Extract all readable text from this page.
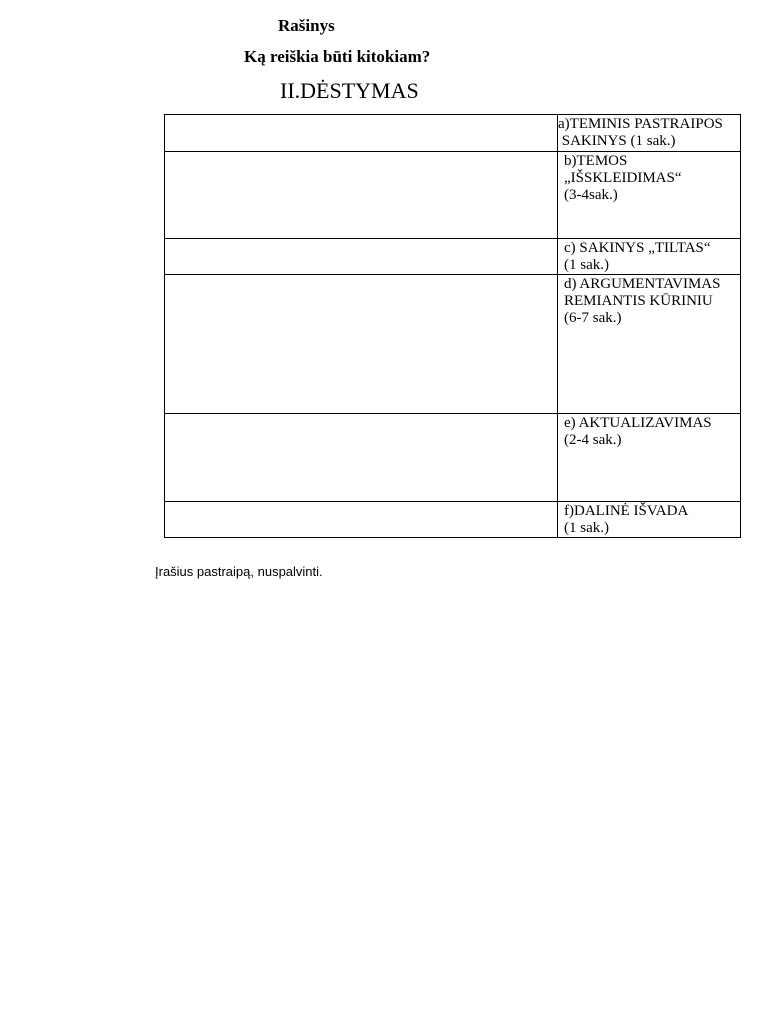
Rašinys
Ką reiškia būti kitokiam?
II.DĖSTYMAS

	a)TEMINIS PASTRAIPOS
SAKINYS (1 sak.)

	b)TEMOS
„IŠSKLEIDIMAS“
(3-4sak.)

	c) SAKINYS „TILTAS“
(1 sak.)

	d) ARGUMENTAVIMAS
REMIANTIS KŪRINIU
(6-7 sak.)

	e) AKTUALIZAVIMAS
(2-4 sak.)

	f)DALINĖ IŠVADA
(1 sak.)
Įrašius pastraipą, nuspalvinti.
